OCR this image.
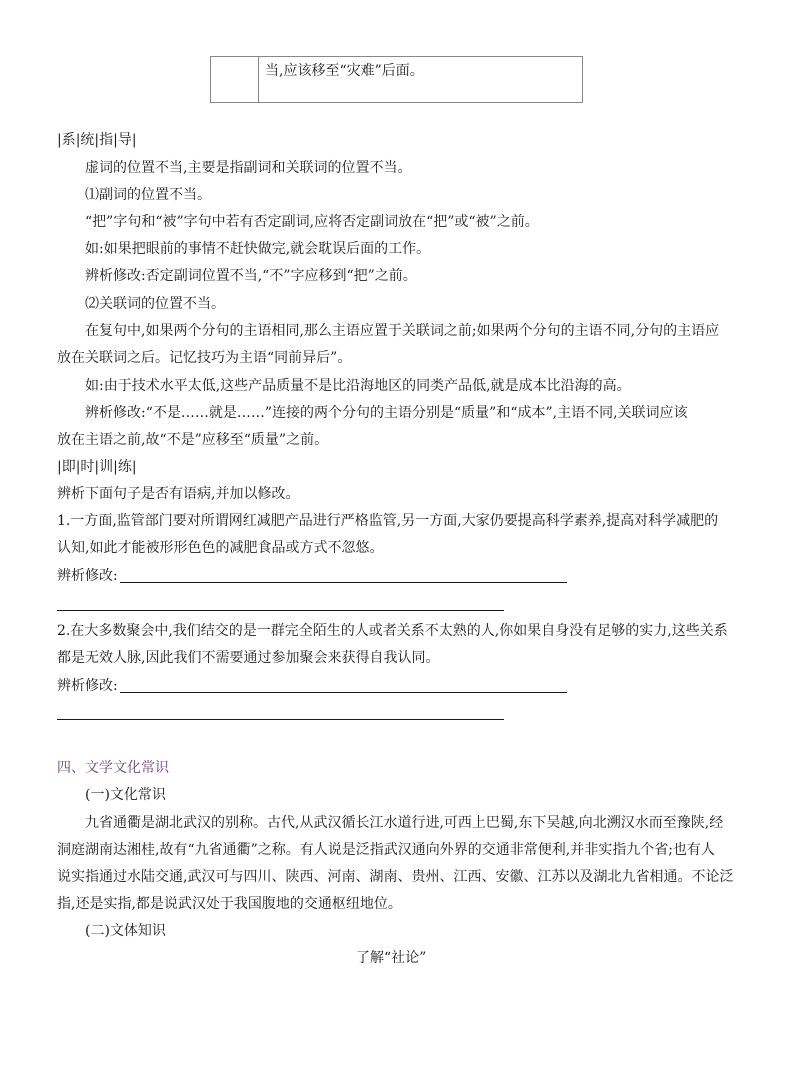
当,应该移至“灾难”后面。
|系|统|指|导|
虚词的位置不当,主要是指副词和关联词的位置不当。
⑴副词的位置不当。
“把”字句和“被”字句中若有否定副词,应将否定副词放在“把”或“被”之前。
如:如果把眼前的事情不赶快做完,就会耽误后面的工作。
辨析修改:否定副词位置不当,“不”字应移到“把”之前。
⑵关联词的位置不当。
在复句中,如果两个分句的主语相同,那么主语应置于关联词之前;如果两个分句的主语不同,分句的主语应
放在关联词之后。记忆技巧为主语“同前异后”。
如:由于技术水平太低,这些产品质量不是比沿海地区的同类产品低,就是成本比沿海的高。
辨析修改:“不是……就是……”连接的两个分句的主语分别是“质量”和“成本”,主语不同,关联词应该
放在主语之前,故“不是”应移至“质量”之前。
|即|时|训|练|
辨析下面句子是否有语病,并加以修改。
1.一方面,监管部门要对所谓网红减肥产品进行严格监管,另一方面,大家仍要提高科学素养,提高对科学减肥的
认知,如此才能被形形色色的减肥食品或方式不忽悠。
辨析修改:
2.在大多数聚会中,我们结交的是一群完全陌生的人或者关系不太熟的人,你如果自身没有足够的实力,这些关系
都是无效人脉,因此我们不需要通过参加聚会来获得自我认同。
辨析修改:
四、文学文化常识
(一)文化常识
九省通衢是湖北武汉的别称。古代,从武汉循长江水道行进,可西上巴蜀,东下吴越,向北溯汉水而至豫陕,经
洞庭湖南达湘桂,故有“九省通衢”之称。有人说是泛指武汉通向外界的交通非常便利,并非实指九个省;也有人
说实指通过水陆交通,武汉可与四川、陕西、河南、湖南、贵州、江西、安徽、江苏以及湖北九省相通。不论泛
指,还是实指,都是说武汉处于我国腹地的交通枢纽地位。
(二)文体知识
了解“社论”
